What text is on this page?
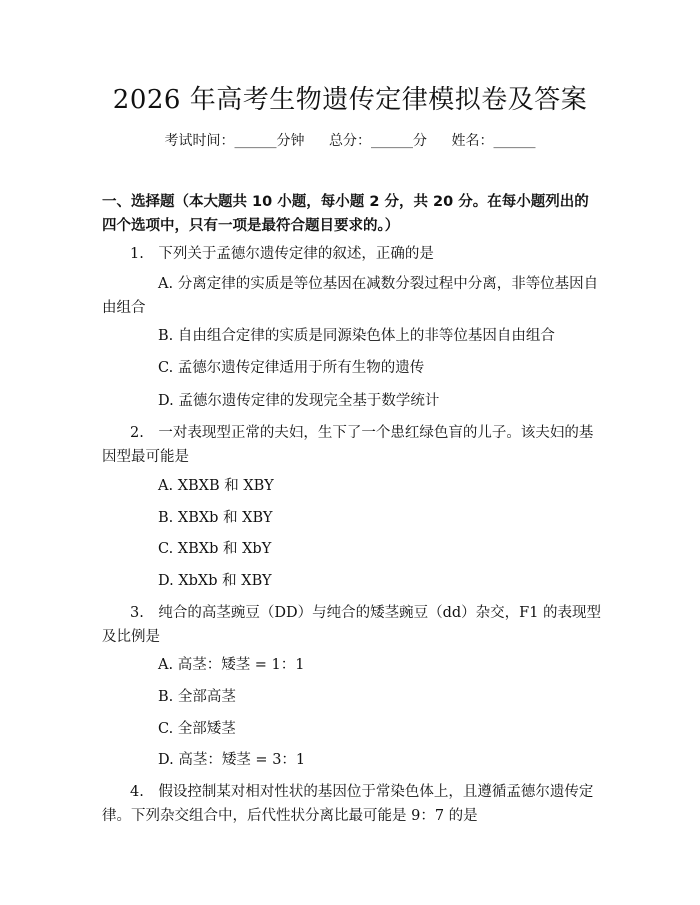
2026 年高考生物遗传定律模拟卷及答案
考试时间：______分钟 总分：______分 姓名：______
一、选择题（本大题共 10 小题，每小题 2 分，共 20 分。在每小题列出的四个选项中，只有一项是最符合题目要求的。）
1.　下列关于孟德尔遗传定律的叙述，正确的是
A. 分离定律的实质是等位基因在减数分裂过程中分离，非等位基因自由组合
B. 自由组合定律的实质是同源染色体上的非等位基因自由组合
C. 孟德尔遗传定律适用于所有生物的遗传
D. 孟德尔遗传定律的发现完全基于数学统计
2.　一对表现型正常的夫妇，生下了一个患红绿色盲的儿子。该夫妇的基因型最可能是
A. XBXB 和 XBY
B. XBXb 和 XBY
C. XBXb 和 XbY
D. XbXb 和 XBY
3.　纯合的高茎豌豆（DD）与纯合的矮茎豌豆（dd）杂交，F1 的表现型及比例是
A. 高茎：矮茎 = 1：1
B. 全部高茎
C. 全部矮茎
D. 高茎：矮茎 = 3：1
4.　假设控制某对相对性状的基因位于常染色体上，且遵循孟德尔遗传定律。下列杂交组合中，后代性状分离比最可能是 9：7 的是
